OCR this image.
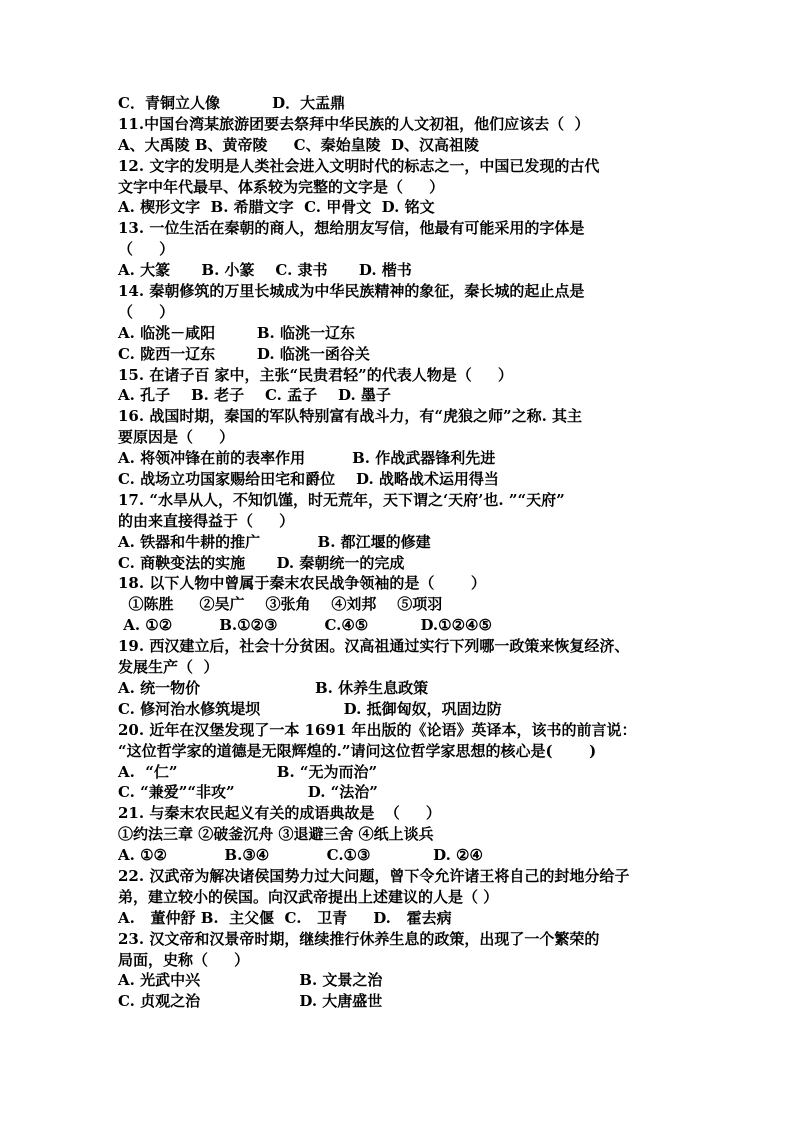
C．青铜立人像          D．大盂鼎
11.中国台湾某旅游团要去祭拜中华民族的人文初祖，他们应该去（  ）
A、大禹陵 B、黄帝陵     C、秦始皇陵  D、汉高祖陵
12. 文字的发明是人类社会进入文明时代的标志之一，中国已发现的古代
文字中年代最早、体系较为完整的文字是（     ）
A. 楔形文字  B. 希腊文字  C. 甲骨文  D. 铭文
13. 一位生活在秦朝的商人，想给朋友写信，他最有可能采用的字体是
（     ）
A. 大篆      B. 小篆    C. 隶书      D. 楷书
14. 秦朝修筑的万里长城成为中华民族精神的象征，秦长城的起止点是
（     ）
A. 临洮－咸阳        B. 临洮一辽东
C. 陇西一辽东        D. 临洮一函谷关
15. 在诸子百 家中，主张“民贵君轻”的代表人物是（     ）
A. 孔子    B. 老子    C. 孟子    D. 墨子
16. 战国时期，秦国的军队特别富有战斗力，有“虎狼之师”之称. 其主
要原因是（     ）
A. 将领冲锋在前的表率作用         B. 作战武器锋利先进
C. 战场立功国家赐给田宅和爵位    D. 战略战术运用得当
17. “水旱从人，不知饥馑，时无荒年，天下谓之‘天府’也. ”“天府”
的由来直接得益于（     ）
A. 铁器和牛耕的推广           B. 都江堰的修建
C. 商鞅变法的实施      D. 秦朝统一的完成
18. 以下人物中曾属于秦末农民战争领袖的是（       ）
①陈胜     ②吴广    ③张角    ④刘邦    ⑤项羽
A. ①②         B.①②③         C.④⑤          D.①②④⑤
19. 西汉建立后，社会十分贫困。汉高祖通过实行下列哪一政策来恢复经济、
发展生产（  ）
A. 统一物价                      B. 休养生息政策
C. 修河治水修筑堤坝                D. 抵御匈奴，巩固边防
20. 近年在汉堡发现了一本 1691 年出版的《论语》英译本，该书的前言说：
“这位哲学家的道德是无限辉煌的.”请问这位哲学家思想的核心是(       )
A.  “仁”                   B. “无为而治”
C. “兼爱”“非攻”              D. “法治”
21. 与秦末农民起义有关的成语典故是  （     ）
①约法三章 ②破釜沉舟 ③退避三舍 ④纸上谈兵
A. ①②           B.③④           C.①③            D. ②④
22. 汉武帝为解决诸侯国势力过大问题，曾下令允许诸王将自己的封地分给子
弟，建立较小的侯国。向汉武帝提出上述建议的人是（ ）
A.   董仲舒 B.  主父偃  C.   卫青     D.   霍去病
23. 汉文帝和汉景帝时期，继续推行休养生息的政策，出现了一个繁荣的
局面，史称（     ）
A. 光武中兴                   B. 文景之治
C. 贞观之治                   D. 大唐盛世
